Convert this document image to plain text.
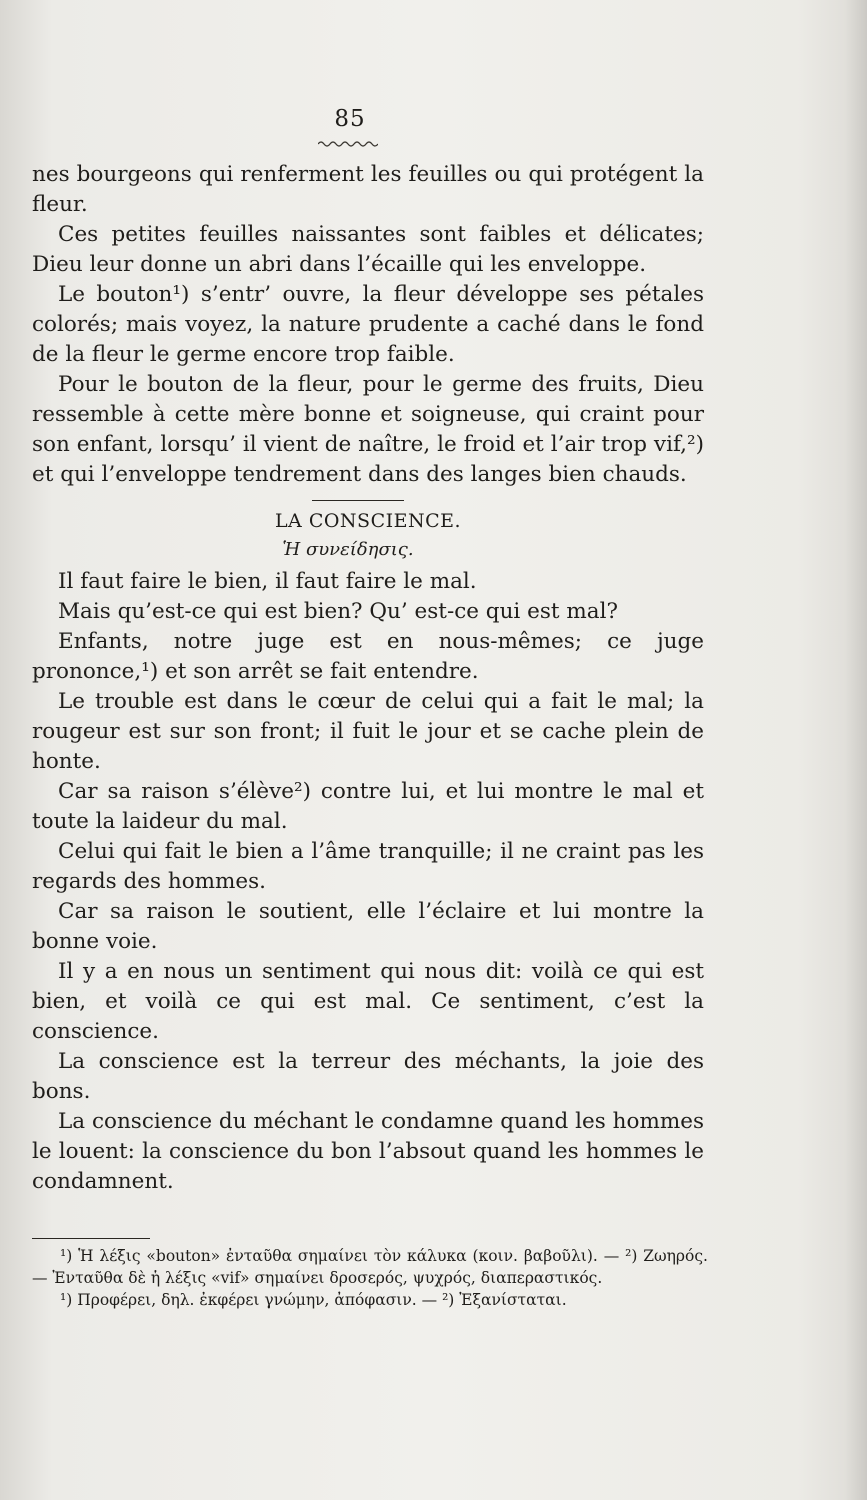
85

nes bourgeons qui renferment les feuilles ou qui protégent la fleur.

Ces petites feuilles naissantes sont faibles et délicates; Dieu leur donne un abri dans l’écaille qui les enveloppe.

Le bouton¹) s’entr’ ouvre, la fleur développe ses pétales colorés; mais voyez, la nature prudente a caché dans le fond de la fleur le germe encore trop faible.

Pour le bouton de la fleur, pour le germe des fruits, Dieu ressemble à cette mère bonne et soigneuse, qui craint pour son enfant, lorsqu’ il vient de naître, le froid et l’air trop vif,²) et qui l’enveloppe tendrement dans des langes bien chauds.

LA CONSCIENCE.
Ἡ συνείδησις.

Il faut faire le bien, il faut faire le mal.

Mais qu’est-ce qui est bien? Qu’ est-ce qui est mal?

Enfants, notre juge est en nous-mêmes; ce juge prononce,¹) et son arrêt se fait entendre.

Le trouble est dans le cœur de celui qui a fait le mal; la rougeur est sur son front; il fuit le jour et se cache plein de honte.

Car sa raison s’élève²) contre lui, et lui montre le mal et toute la laideur du mal.

Celui qui fait le bien a l’âme tranquille; il ne craint pas les regards des hommes.

Car sa raison le soutient, elle l’éclaire et lui montre la bonne voie.

Il y a en nous un sentiment qui nous dit: voilà ce qui est bien, et voilà ce qui est mal. Ce sentiment, c’est la conscience.

La conscience est la terreur des méchants, la joie des bons.

La conscience du méchant le condamne quand les hommes le louent: la conscience du bon l’absout quand les hommes le condamnent.

¹) Ἡ λέξις «bouton» ἐνταῦθα σημαίνει τὸν κάλυκα (κοιν. βαβοῦλι). — ²) Ζωηρός.— Ἐνταῦθα δὲ ἡ λέξις «vif» σημαίνει δροσερός, ψυχρός, διαπεραστικός.

¹) Προφέρει, δηλ. ἐκφέρει γνώμην, ἀπόφασιν. — ²) Ἐξανίσταται.
